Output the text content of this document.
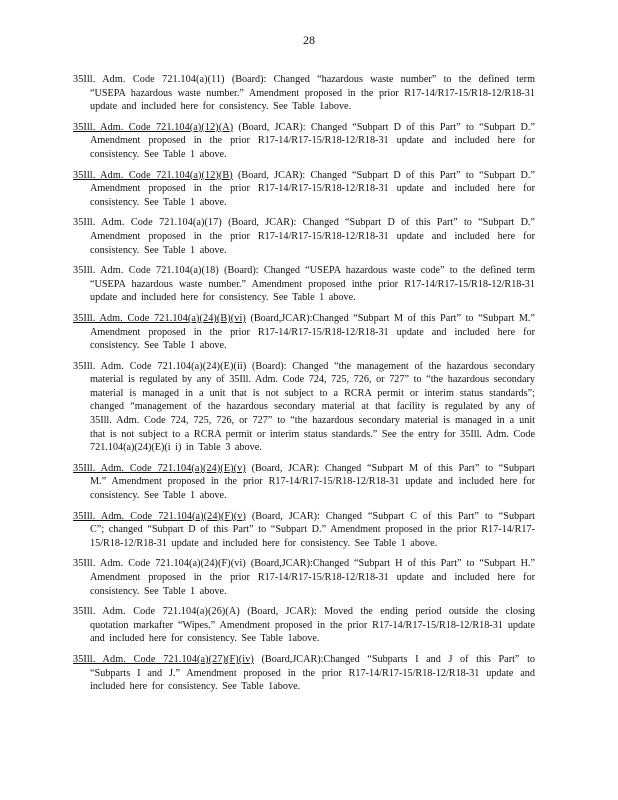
28

35Ill. Adm. Code 721.104(a)(11) (Board): Changed “hazardous waste number” to the defined term “USEPA hazardous waste number.” Amendment proposed in the prior R17-14/R17-15/R18-12/R18-31 update and included here for consistency. See Table 1above.

35Ill. Adm. Code 721.104(a)(12)(A) (Board, JCAR): Changed “Subpart D of this Part” to “Subpart D.” Amendment proposed in the prior R17-14/R17-15/R18-12/R18-31 update and included here for consistency. See Table 1 above.

35Ill. Adm. Code 721.104(a)(12)(B) (Board, JCAR): Changed “Subpart D of this Part” to “Subpart D.” Amendment proposed in the prior R17-14/R17-15/R18-12/R18-31 update and included here for consistency. See Table 1 above.

35Ill. Adm. Code 721.104(a)(17) (Board, JCAR): Changed “Subpart D of this Part” to “Subpart D.” Amendment proposed in the prior R17-14/R17-15/R18-12/R18-31 update and included here for consistency. See Table 1 above.

35Ill. Adm. Code 721.104(a)(18) (Board): Changed “USEPA hazardous waste code” to the defined term “USEPA hazardous waste number.” Amendment proposed inthe prior R17-14/R17-15/R18-12/R18-31 update and included here for consistency. See Table 1 above.

35Ill. Adm. Code 721.104(a)(24)(B)(vi) (Board,JCAR):Changed “Subpart M of this Part” to “Subpart M.” Amendment proposed in the prior R17-14/R17-15/R18-12/R18-31 update and included here for consistency. See Table 1 above.

35Ill. Adm. Code 721.104(a)(24)(E)(ii) (Board): Changed “the management of the hazardous secondary material is regulated by any of 35Ill. Adm. Code 724, 725, 726, or 727” to “the hazardous secondary material is managed in a unit that is not subject to a RCRA permit or interim status standards”; changed “management of the hazardous secondary material at that facility is regulated by any of 35Ill. Adm. Code 724, 725, 726, or 727” to “the hazardous secondary material is managed in a unit that is not subject to a RCRA permit or interim status standards.” See the entry for 35Ill. Adm. Code 721.104(a)(24)(E)(i i) in Table 3 above.

35Ill. Adm. Code 721.104(a)(24)(E)(v) (Board, JCAR): Changed “Subpart M of this Part” to “Subpart M.” Amendment proposed in the prior R17-14/R17-15/R18-12/R18-31 update and included here for consistency. See Table 1 above.

35Ill. Adm. Code 721.104(a)(24)(F)(v) (Board, JCAR): Changed “Subpart C of this Part” to “Subpart C”; changed “Subpart D of this Part” to “Subpart D.” Amendment proposed in the prior R17-14/R17-15/R18-12/R18-31 update and included here for consistency. See Table 1 above.

35Ill. Adm. Code 721.104(a)(24)(F)(vi) (Board,JCAR):Changed “Subpart H of this Part” to “Subpart H.” Amendment proposed in the prior R17-14/R17-15/R18-12/R18-31 update and included here for consistency. See Table 1 above.

35Ill. Adm. Code 721.104(a)(26)(A) (Board, JCAR): Moved the ending period outside the closing quotation markafter “Wipes.” Amendment proposed in the prior R17-14/R17-15/R18-12/R18-31 update and included here for consistency. See Table 1above.

35Ill. Adm. Code 721.104(a)(27)(F)(iv) (Board,JCAR):Changed “Subparts I and J of this Part” to “Subparts I and J.” Amendment proposed in the prior R17-14/R17-15/R18-12/R18-31 update and included here for consistency. See Table 1above.
